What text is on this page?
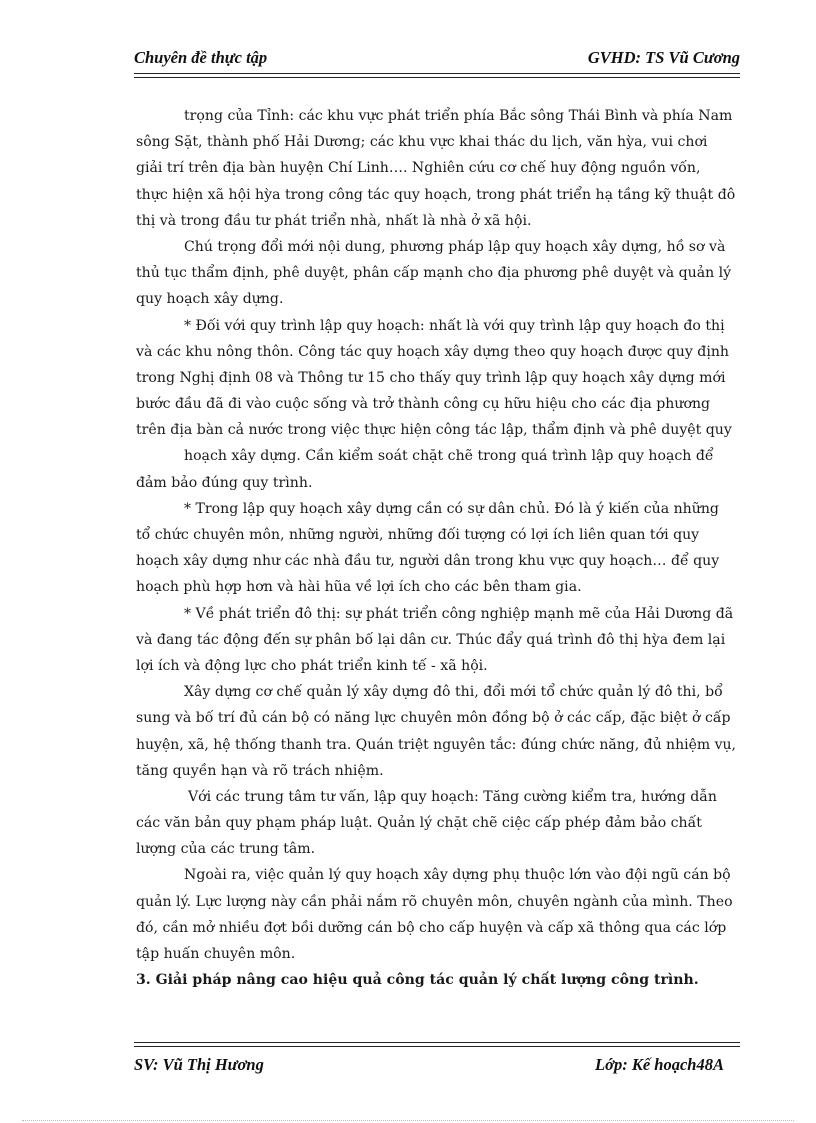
Chuyên đề thực tập	GVHD: TS Vũ Cương
trọng của Tỉnh: các khu vực phát triển phía Bắc sông Thái Bình và phía Nam
sông Sặt, thành phố Hải Dương; các khu vực khai thác du lịch, văn hỳa, vui chơi
giải trí trên địa bàn huyện Chí Linh…. Nghiên cứu cơ chế huy động nguồn vốn,
thực hiện xã hội hỳa trong công tác quy hoạch, trong phát triển hạ tầng kỹ thuật đô
thị và trong đầu tư phát triển nhà, nhất là nhà ở xã hội.
Chú trọng đổi mới nội dung, phương pháp lập quy hoạch xây dựng, hồ sơ và
thủ tục thẩm định, phê duyệt, phân cấp mạnh cho địa phương phê duyệt và quản lý
quy hoạch xây dựng.
* Đối với quy trình lập quy hoạch: nhất là với quy trình lập quy hoạch đo thị
và các khu nông thôn. Công tác quy hoạch xây dựng theo quy hoạch được quy định
trong Nghị định 08 và Thông tư 15 cho thấy quy trình lập quy hoạch xây dựng mới
bước đầu đã đi vào cuộc sống và trở thành công cụ hữu hiệu cho các địa phương
trên địa bàn cả nước trong việc thực hiện công tác lập, thẩm định và phê duyệt quy
hoạch xây dựng. Cần kiểm soát chặt chẽ trong quá trình lập quy hoạch để
đảm bảo đúng quy trình.
* Trong lập quy hoạch xây dựng cần có sự dân chủ. Đó là ý kiến của những
tổ chức chuyên môn, những người, những đối tượng có lợi ích liên quan tới quy
hoạch xây dựng như các nhà đầu tư, người dân trong khu vực quy hoạch… để quy
hoạch phù hợp hơn và hài hũa về lợi ích cho các bên tham gia.
* Về phát triển đô thị: sự phát triển công nghiệp mạnh mẽ của Hải Dương đã
và đang tác động đến sự phân bố lại dân cư. Thúc đẩy quá trình đô thị hỳa đem lại
lợi ích và động lực cho phát triển kinh tế - xã hội.
Xây dựng cơ chế quản lý xây dựng đô thi, đổi mới tổ chức quản lý đô thi, bổ
sung và bố trí đủ cán bộ có năng lực chuyên môn đồng bộ ở các cấp, đặc biệt ở cấp
huyện, xã, hệ thống thanh tra. Quán triệt nguyên tắc: đúng chức năng, đủ nhiệm vụ,
tăng quyền hạn và rõ trách nhiệm.
Với các trung tâm tư vấn, lập quy hoạch: Tăng cường kiểm tra, hướng dẫn
các văn bản quy phạm pháp luật. Quản lý chặt chẽ ciệc cấp phép đảm bảo chất
lượng của các trung tâm.
Ngoài ra, việc quản lý quy hoạch xây dựng phụ thuộc lớn vào đội ngũ cán bộ
quản lý. Lực lượng này cần phải nắm rõ chuyên môn, chuyên ngành của mình. Theo
đó, cần mở nhiều đợt bồi dưỡng cán bộ cho cấp huyện và cấp xã thông qua các lớp
tập huấn chuyên môn.
3. Giải pháp nâng cao hiệu quả công tác quản lý chất lượng công trình.
SV: Vũ Thị Hương	Lớp: Kế hoạch48A
